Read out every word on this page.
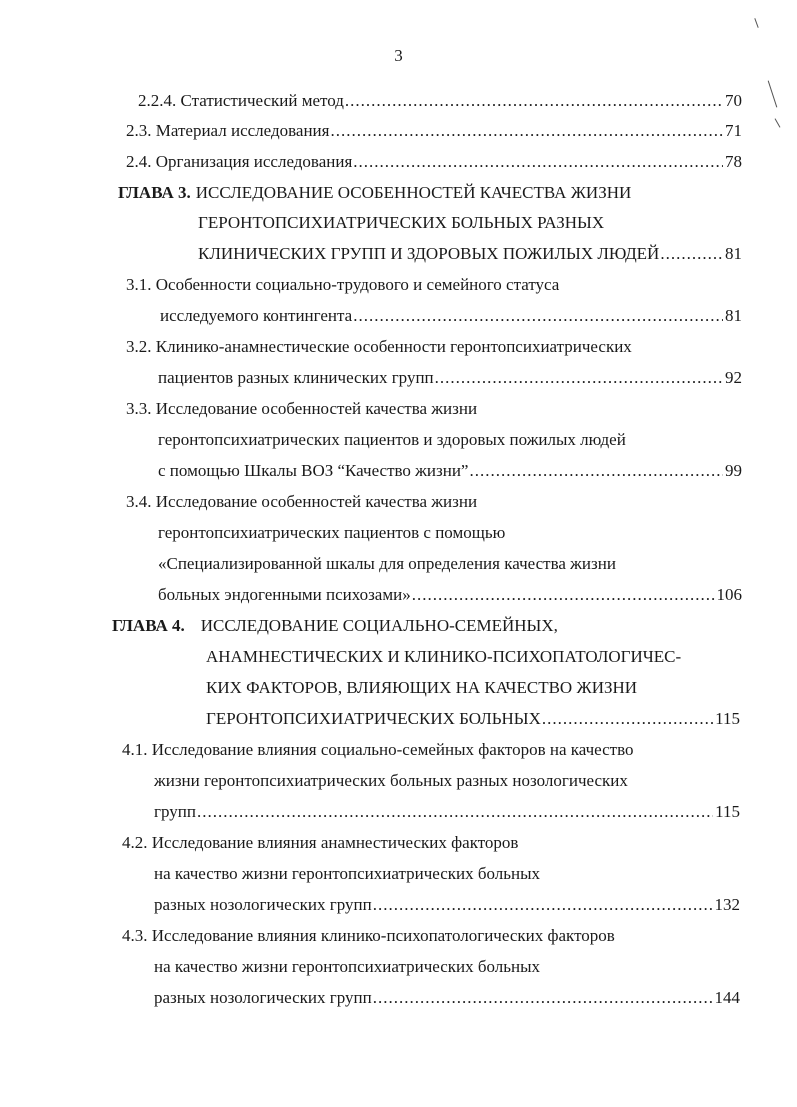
3
2.2.4. Статистический метод .....	70
2.3. Материал исследования .....	71
2.4. Организация исследования .....	78
ГЛАВА 3. ИССЛЕДОВАНИЕ ОСОБЕННОСТЕЙ КАЧЕСТВА ЖИЗНИ
ГЕРОНТОПСИХИАТРИЧЕСКИХ БОЛЬНЫХ РАЗНЫХ
КЛИНИЧЕСКИХ ГРУПП И ЗДОРОВЫХ ПОЖИЛЫХ ЛЮДЕЙ .....	81
3.1. Особенности социально-трудового и семейного статуса
исследуемого контингента .....	81
3.2. Клинико-анамнестические особенности геронтопсихиатрических
пациентов разных клинических групп .....	92
3.3. Исследование особенностей качества жизни
геронтопсихиатрических пациентов и здоровых пожилых людей
с помощью Шкалы ВОЗ “Качество жизни” .....	99
3.4. Исследование особенностей качества жизни
геронтопсихиатрических пациентов с помощью
«Специализированной шкалы для определения качества жизни
больных эндогенными психозами» .....	106
ГЛАВА 4. ИССЛЕДОВАНИЕ СОЦИАЛЬНО-СЕМЕЙНЫХ,
АНАМНЕСТИЧЕСКИХ И КЛИНИКО-ПСИХОПАТОЛОГИЧЕС-
КИХ ФАКТОРОВ, ВЛИЯЮЩИХ НА КАЧЕСТВО ЖИЗНИ
ГЕРОНТОПСИХИАТРИЧЕСКИХ БОЛЬНЫХ .....	115
4.1. Исследование влияния социально-семейных факторов на качество
жизни геронтопсихиатрических больных разных нозологических
групп .....	115
4.2. Исследование влияния анамнестических факторов
на качество жизни геронтопсихиатрических больных
разных нозологических групп .....	132
4.3. Исследование влияния клинико-психопатологических факторов
на качество жизни геронтопсихиатрических больных
разных нозологических групп .....	144
